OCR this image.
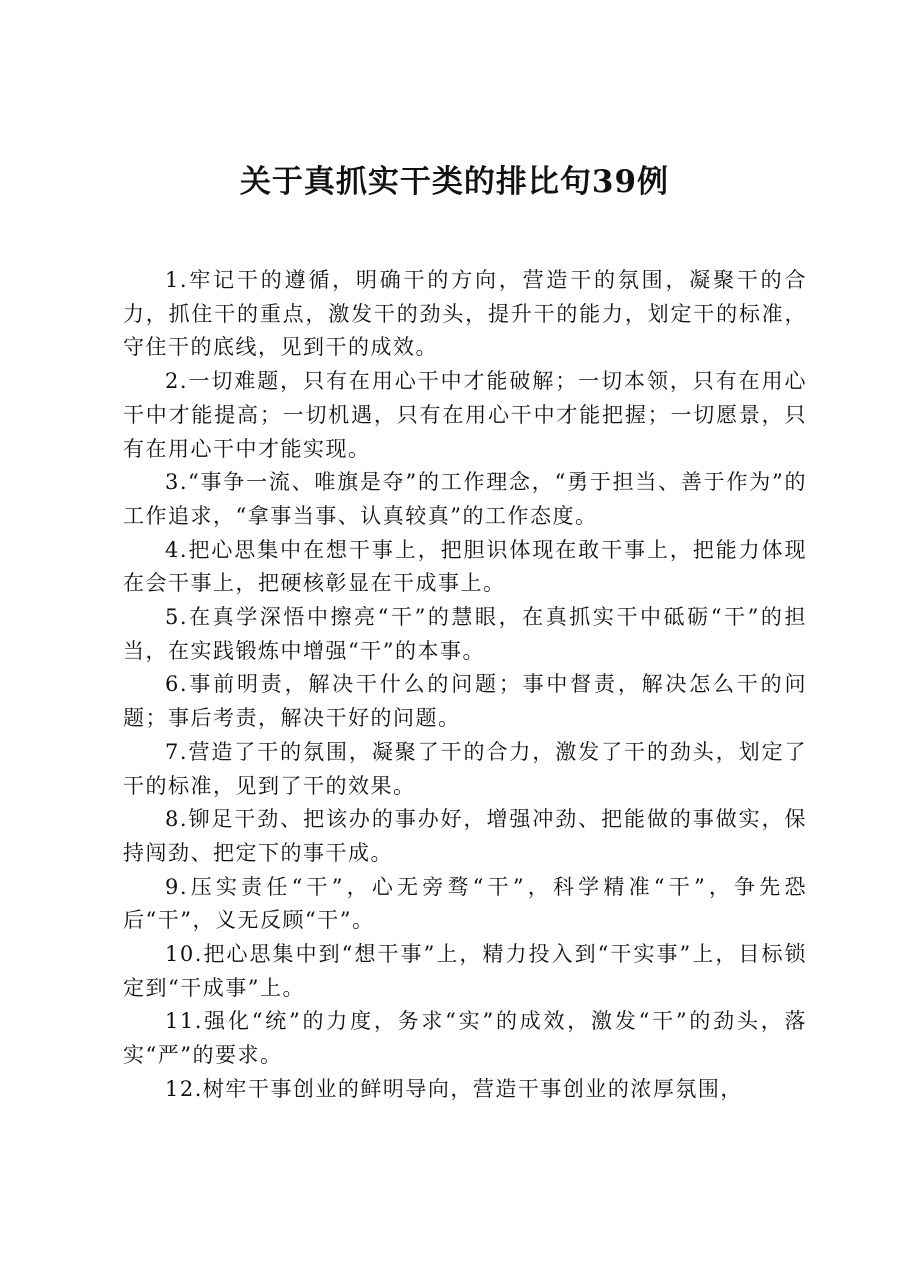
关于真抓实干类的排比句39例

1.牢记干的遵循，明确干的方向，营造干的氛围，凝聚干的合力，抓住干的重点，激发干的劲头，提升干的能力，划定干的标准，守住干的底线，见到干的成效。

2.一切难题，只有在用心干中才能破解；一切本领，只有在用心干中才能提高；一切机遇，只有在用心干中才能把握；一切愿景，只有在用心干中才能实现。

3.“事争一流、唯旗是夺”的工作理念，“勇于担当、善于作为”的工作追求，“拿事当事、认真较真”的工作态度。

4.把心思集中在想干事上，把胆识体现在敢干事上，把能力体现在会干事上，把硬核彰显在干成事上。

5.在真学深悟中擦亮“干”的慧眼，在真抓实干中砥砺“干”的担当，在实践锻炼中增强“干”的本事。

6.事前明责，解决干什么的问题；事中督责，解决怎么干的问题；事后考责，解决干好的问题。

7.营造了干的氛围，凝聚了干的合力，激发了干的劲头，划定了干的标准，见到了干的效果。

8.铆足干劲、把该办的事办好，增强冲劲、把能做的事做实，保持闯劲、把定下的事干成。

9.压实责任“干”，心无旁骛“干”，科学精准“干”，争先恐后“干”，义无反顾“干”。

10.把心思集中到“想干事”上，精力投入到“干实事”上，目标锁定到“干成事”上。

11.强化“统”的力度，务求“实”的成效，激发“干”的劲头，落实“严”的要求。

12.树牢干事创业的鲜明导向，营造干事创业的浓厚氛围，
